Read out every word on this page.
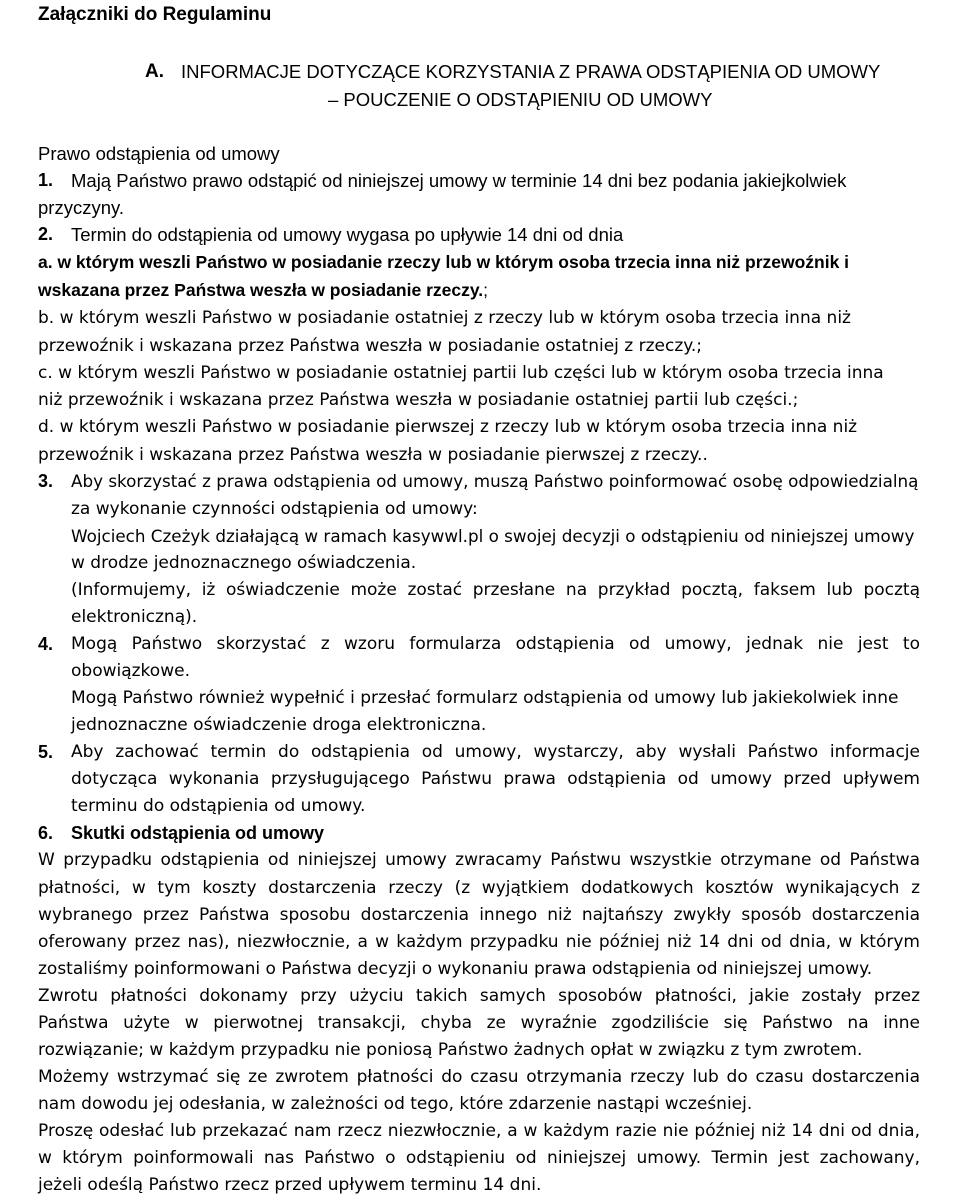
Załączniki do Regulaminu
A. INFORMACJE DOTYCZĄCE KORZYSTANIA Z PRAWA ODSTĄPIENIA OD UMOWY
– POUCZENIE O ODSTĄPIENIU OD UMOWY
Prawo odstąpienia od umowy
1. Mają Państwo prawo odstąpić od niniejszej umowy w terminie 14 dni bez podania jakiejkolwiek
przyczyny.
2. Termin do odstąpienia od umowy wygasa po upływie 14 dni od dnia
a. w którym weszli Państwo w posiadanie rzeczy lub w którym osoba trzecia inna niż przewoźnik i
wskazana przez Państwa weszła w posiadanie rzeczy.;
b. w którym weszli Państwo w posiadanie ostatniej z rzeczy lub w którym osoba trzecia inna niż
przewoźnik i wskazana przez Państwa weszła w posiadanie ostatniej z rzeczy.;
c. w którym weszli Państwo w posiadanie ostatniej partii lub części lub w którym osoba trzecia inna
niż przewoźnik i wskazana przez Państwa weszła w posiadanie ostatniej partii lub części.;
d. w którym weszli Państwo w posiadanie pierwszej z rzeczy lub w którym osoba trzecia inna niż
przewoźnik i wskazana przez Państwa weszła w posiadanie pierwszej z rzeczy..
3. Aby skorzystać z prawa odstąpienia od umowy, muszą Państwo poinformować osobę odpowiedzialną
za wykonanie czynności odstąpienia od umowy:
Wojciech Czeżyk działającą w ramach kasywwl.pl o swojej decyzji o odstąpieniu od niniejszej umowy
w drodze jednoznacznego oświadczenia.
(Informujemy, iż oświadczenie może zostać przesłane na przykład pocztą, faksem lub pocztą
elektroniczną).
4. Mogą Państwo skorzystać z wzoru formularza odstąpienia od umowy, jednak nie jest to
obowiązkowe.
Mogą Państwo również wypełnić i przesłać formularz odstąpienia od umowy lub jakiekolwiek inne
jednoznaczne oświadczenie droga elektroniczna.
5. Aby zachować termin do odstąpienia od umowy, wystarczy, aby wysłali Państwo informacje
dotycząca wykonania przysługującego Państwu prawa odstąpienia od umowy przed upływem
terminu do odstąpienia od umowy.
6. Skutki odstąpienia od umowy
W przypadku odstąpienia od niniejszej umowy zwracamy Państwu wszystkie otrzymane od Państwa
płatności, w tym koszty dostarczenia rzeczy (z wyjątkiem dodatkowych kosztów wynikających z
wybranego przez Państwa sposobu dostarczenia innego niż najtańszy zwykły sposób dostarczenia
oferowany przez nas), niezwłocznie, a w każdym przypadku nie później niż 14 dni od dnia, w którym
zostaliśmy poinformowani o Państwa decyzji o wykonaniu prawa odstąpienia od niniejszej umowy.
Zwrotu płatności dokonamy przy użyciu takich samych sposobów płatności, jakie zostały przez
Państwa użyte w pierwotnej transakcji, chyba ze wyraźnie zgodziliście się Państwo na inne
rozwiązanie; w każdym przypadku nie poniosą Państwo żadnych opłat w związku z tym zwrotem.
Możemy wstrzymać się ze zwrotem płatności do czasu otrzymania rzeczy lub do czasu dostarczenia
nam dowodu jej odesłania, w zależności od tego, które zdarzenie nastąpi wcześniej.
Proszę odesłać lub przekazać nam rzecz niezwłocznie, a w każdym razie nie później niż 14 dni od dnia,
w którym poinformowali nas Państwo o odstąpieniu od niniejszej umowy. Termin jest zachowany,
jeżeli odeślą Państwo rzecz przed upływem terminu 14 dni.
